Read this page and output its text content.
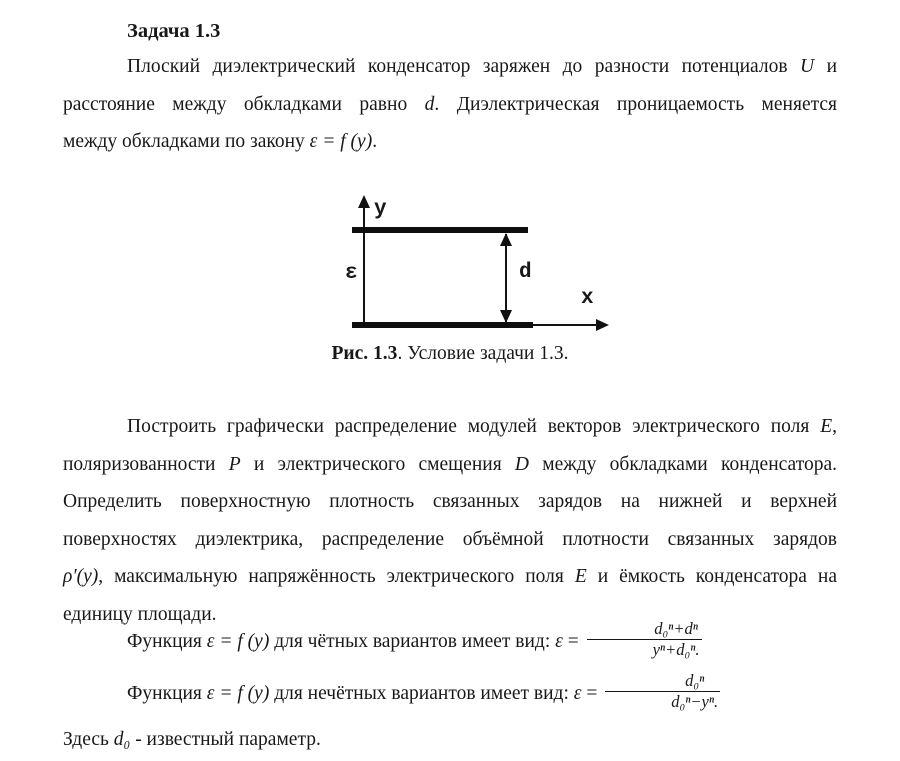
Задача 1.3
Плоский диэлектрический конденсатор заряжен до разности потенциалов U и
расстояние между обкладками равно d. Диэлектрическая проницаемость меняется
между обкладками по закону ε = f (y).
y
x
d
ε
Рис. 1.3. Условие задачи 1.3.
Построить графически распределение модулей векторов электрического поля E,
поляризованности P и электрического смещения D между обкладками конденсатора.
Определить поверхностную плотность связанных зарядов на нижней и верхней
поверхностях диэлектрика, распределение объёмной плотности связанных зарядов
ρ′(y), максимальную напряжённость электрического поля E и ёмкость конденсатора на
единицу площади.
Функция ε = f (y) для чётных вариантов имеет вид: $\varepsilon = \frac{\text{d₀ⁿ+dⁿ}}{\text{yⁿ+d₀ⁿ.}}$
Функция ε = f (y) для нечётных вариантов имеет вид: $\varepsilon = \frac{\text{d₀ⁿ}}{\text{d₀ⁿ−yⁿ.}}$
Здесь d₀ - известный параметр.
